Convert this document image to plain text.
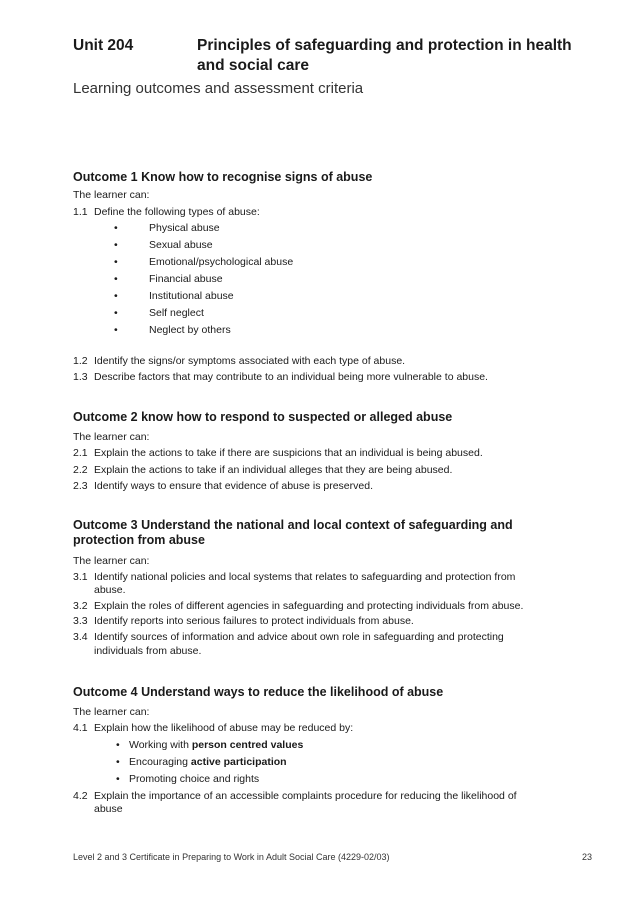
Unit 204	Principles of safeguarding and protection in health and social care
Learning outcomes and assessment criteria
Outcome 1 Know how to recognise signs of abuse
The learner can:
1.1 Define the following types of abuse:
•	Physical abuse
•	Sexual abuse
•	Emotional/psychological abuse
•	Financial abuse
•	Institutional abuse
•	Self neglect
•	Neglect by others
1.2 Identify the signs/or symptoms associated with each type of abuse.
1.3 Describe factors that may contribute to an individual being more vulnerable to abuse.
Outcome 2 know how to respond to suspected or alleged abuse
The learner can:
2.1 Explain the actions to take if there are suspicions that an individual is being abused.
2.2 Explain the actions to take if an individual alleges that they are being abused.
2.3 Identify ways to ensure that evidence of abuse is preserved.
Outcome 3 Understand the national and local context of safeguarding and protection from abuse
The learner can:
3.1 Identify national policies and local systems that relates to safeguarding and protection from
abuse.
3.2 Explain the roles of different agencies in safeguarding and protecting individuals from abuse.
3.3 Identify reports into serious failures to protect individuals from abuse.
3.4 Identify sources of information and advice about own role in safeguarding and protecting
individuals from abuse.
Outcome 4 Understand ways to reduce the likelihood of abuse
The learner can:
4.1 Explain how the likelihood of abuse may be reduced by:
• Working with person centred values
• Encouraging active participation
• Promoting choice and rights
4.2 Explain the importance of an accessible complaints procedure for reducing the likelihood of
abuse
Level 2 and 3 Certificate in Preparing to Work in Adult Social Care (4229-02/03)	23
